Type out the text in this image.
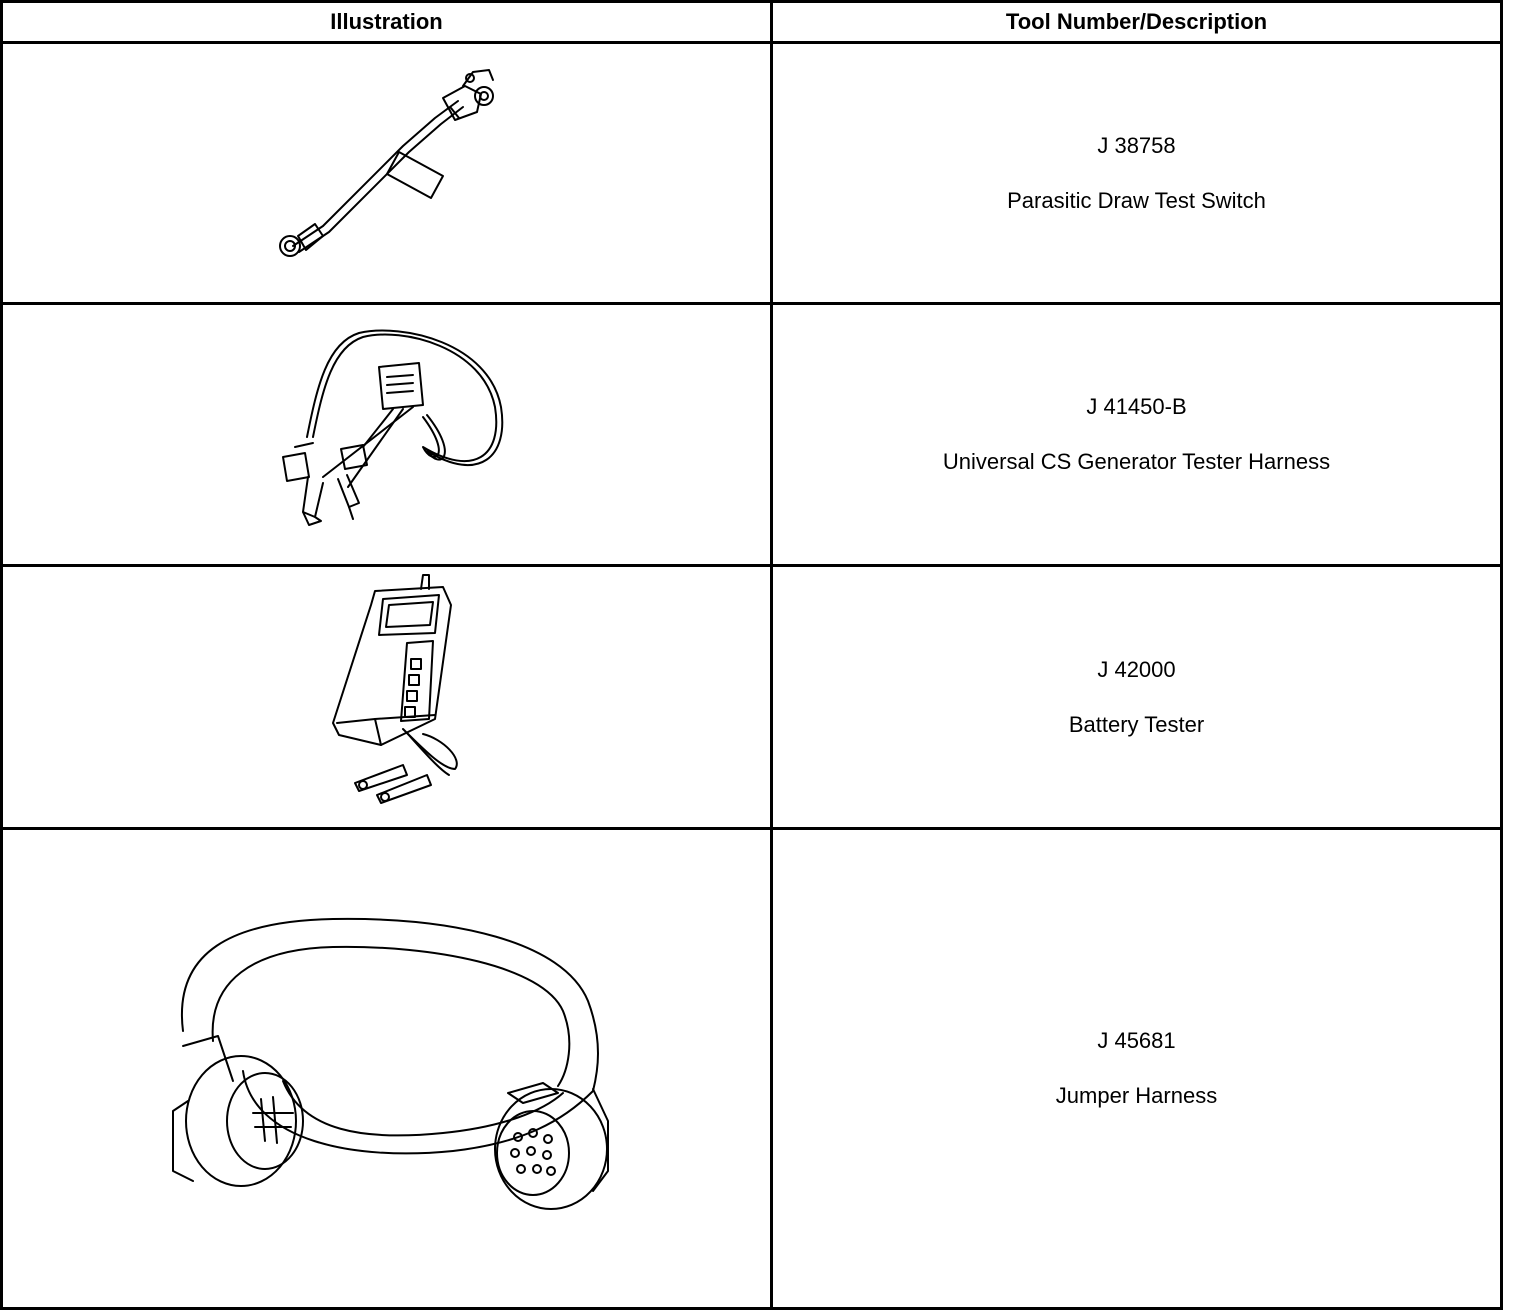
Illustration	Tool Number/Description

J 38758
Parasitic Draw Test Switch

J 41450-B
Universal CS Generator Tester Harness

J 42000
Battery Tester

J 45681
Jumper Harness
